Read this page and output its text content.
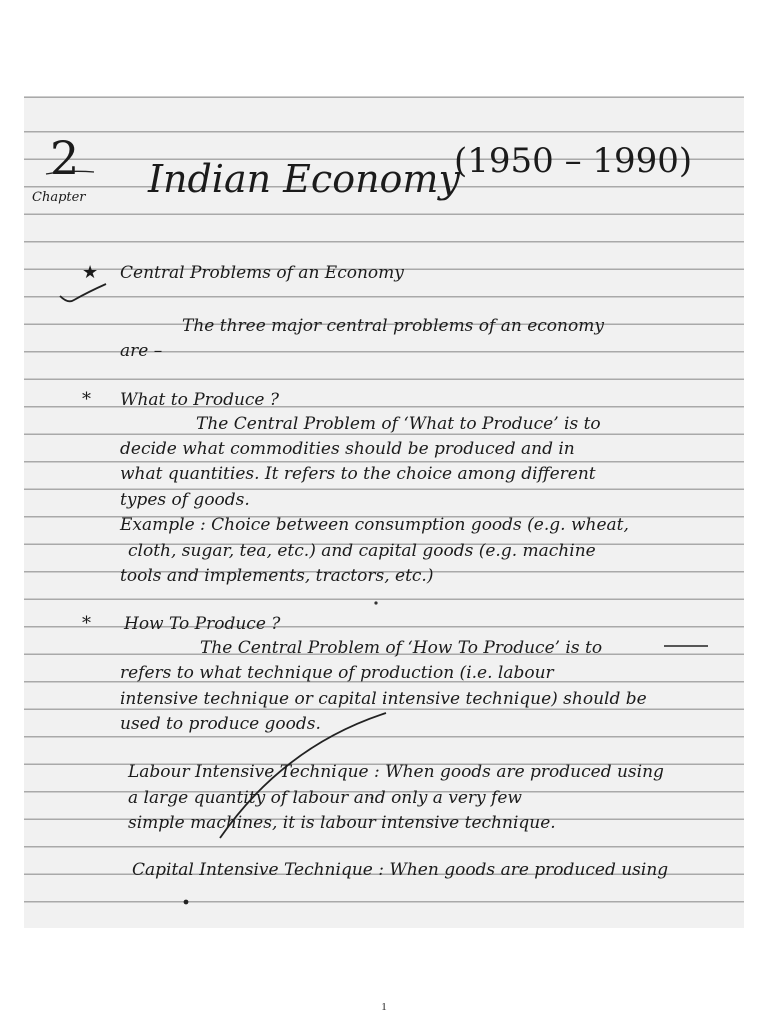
2
Chapter Indian Economy
(1950 – 1990)
★ Central Problems of an Economy
The three major central problems of an economy
are –
* What to Produce ?
The Central Problem of ‘What to Produce’ is to
decide what commodities should be produced and in
what quantities. It refers to the choice among different
types of goods.
Example : Choice between consumption goods (e.g. wheat,
cloth, sugar, tea, etc.) and capital goods (e.g. machine
tools and implements, tractors, etc.)
* How To Produce ?
The Central Problem of ‘How To Produce’ is to
refers to what technique of production (i.e. labour
intensive technique or capital intensive technique) should be
used to produce goods.
Labour Intensive Technique : When goods are produced using
a large quantity of labour and only a very few
simple machines, it is labour intensive technique.
Capital Intensive Technique : When goods are produced using
1
